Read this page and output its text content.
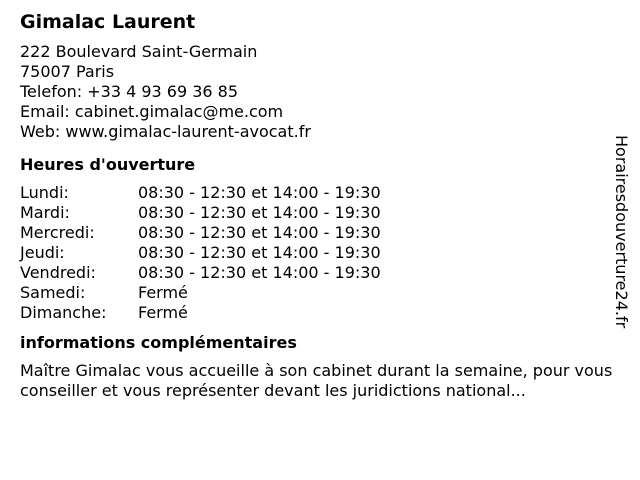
Gimalac Laurent
222 Boulevard Saint-Germain
75007 Paris
Telefon: +33 4 93 69 36 85
Email: cabinet.gimalac@me.com
Web: www.gimalac-laurent-avocat.fr
Heures d'ouverture
Lundi:	08:30 - 12:30 et 14:00 - 19:30
Mardi:	08:30 - 12:30 et 14:00 - 19:30
Mercredi:	08:30 - 12:30 et 14:00 - 19:30
Jeudi:	08:30 - 12:30 et 14:00 - 19:30
Vendredi:	08:30 - 12:30 et 14:00 - 19:30
Samedi:	Fermé
Dimanche:	Fermé
informations complémentaires
Maître Gimalac vous accueille à son cabinet durant la semaine, pour vous conseiller et vous représenter devant les juridictions national...
Horairesdouverture24.fr
